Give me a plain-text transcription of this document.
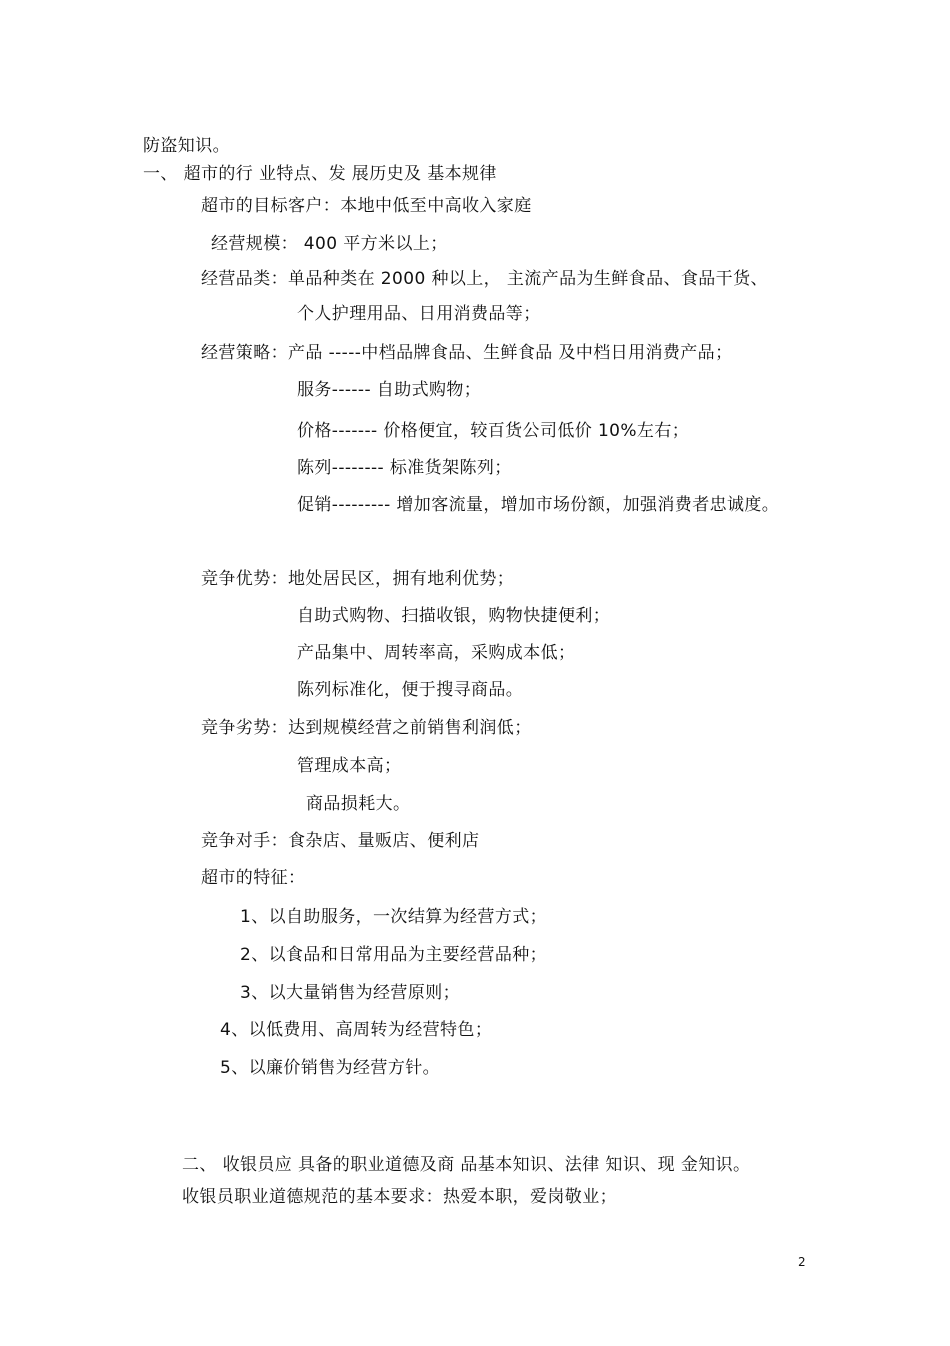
防盗知识。
一、 超市的行 业特点、发 展历史及 基本规律
超市的目标客户：本地中低至中高收入家庭
经营规模： 400 平方米以上；
经营品类：单品种类在 2000 种以上， 主流产品为生鲜食品、食品干货、
个人护理用品、日用消费品等；
经营策略：产品 -----中档品牌食品、生鲜食品 及中档日用消费产品；
服务------ 自助式购物；
价格------- 价格便宜，较百货公司低价 10%左右；
陈列-------- 标准货架陈列；
促销--------- 增加客流量，增加市场份额，加强消费者忠诚度。
竞争优势：地处居民区，拥有地利优势；
自助式购物、扫描收银，购物快捷便利；
产品集中、周转率高，采购成本低；
陈列标准化，便于搜寻商品。
竞争劣势：达到规模经营之前销售利润低；
管理成本高；
商品损耗大。
竞争对手：食杂店、量贩店、便利店
超市的特征：
1、以自助服务，一次结算为经营方式；
2、以食品和日常用品为主要经营品种；
3、以大量销售为经营原则；
4、以低费用、高周转为经营特色；
5、以廉价销售为经营方针。
二、 收银员应 具备的职业道德及商 品基本知识、法律 知识、现 金知识。
收银员职业道德规范的基本要求：热爱本职，爱岗敬业；
2
